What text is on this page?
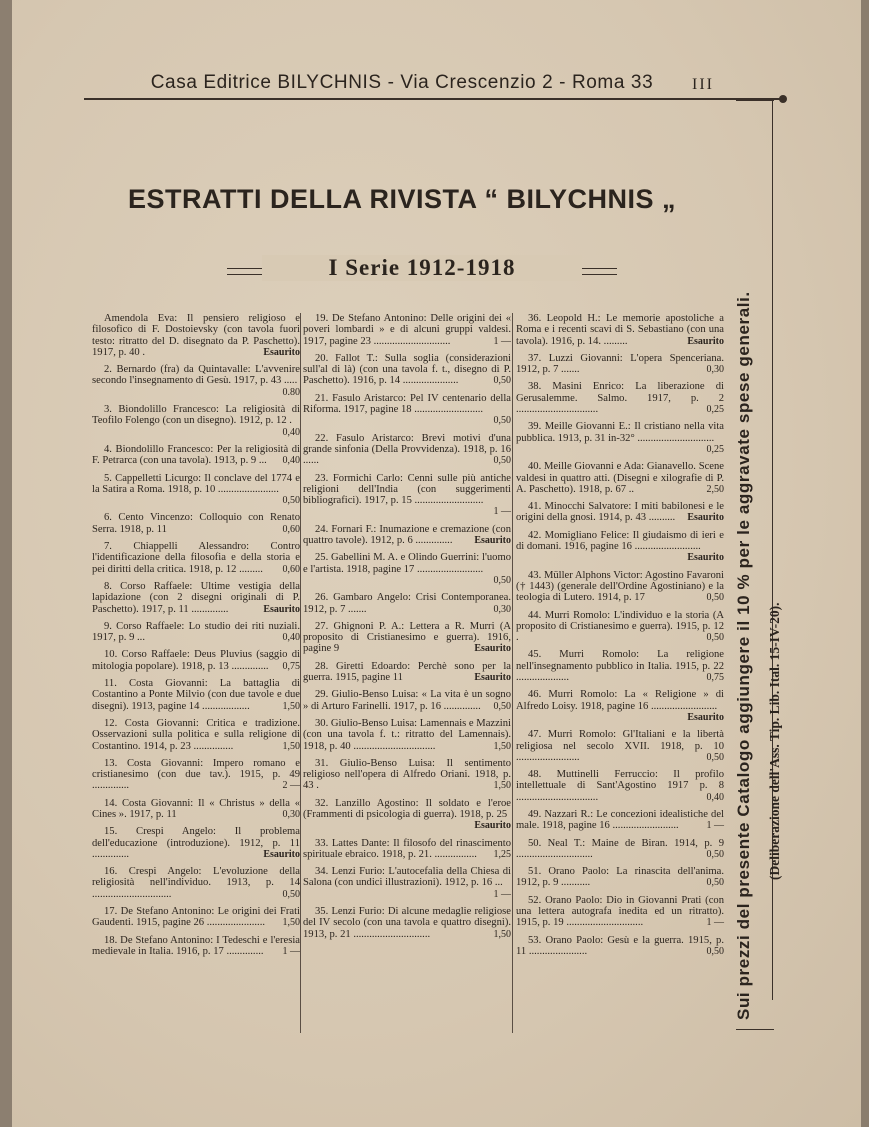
Casa Editrice BILYCHNIS - Via Crescenzio 2 - Roma 33	III
Sui prezzi del presente Catalogo aggiungere il 10 % per le aggravate spese generali. (Deliberazione dell'Ass. Tip. Lib. Ital. 15-IV-20).
ESTRATTI DELLA RIVISTA “ BILYCHNIS „
I Serie 1912-1918
Amendola Eva: Il pensiero religioso e filosofico di F. Dostoievsky (con tavola fuori testo: ritratto del D. disegnato da P. Paschetto). 1917, p. 40 .	Esaurito
2. Bernardo (fra) da Quintavalle: L'avvenire secondo l'insegnamento di Gesù. 1917, p. 43 .....
0.80
3. Biondolillo Francesco: La religiosità di Teofilo Folengo (con un disegno). 1912, p. 12 .
0,40
4. Biondolillo Francesco: Per la religiosità di F. Petrarca (con una tavola). 1913, p. 9 ...	0,40
5. Cappelletti Licurgo: Il conclave del 1774 e la Satira a Roma. 1918, p. 10 .......................
0,50
6. Cento Vincenzo: Colloquio con Renato Serra. 1918, p. 11	0,60
7. Chiappelli Alessandro: Contro l'identificazione della filosofia e della storia e pei diritti della critica. 1918, p. 12 .........	0,60
8. Corso Raffaele: Ultime vestigia della lapidazione (con 2 disegni originali di P. Paschetto). 1917, p. 11 ..............	Esaurito
9. Corso Raffaele: Lo studio dei riti nuziali. 1917, p. 9 ...	0,40
10. Corso Raffaele: Deus Pluvius (saggio di mitologia popolare). 1918, p. 13 ..............	0,75
11. Costa Giovanni: La battaglia di Costantino a Ponte Milvio (con due tavole e due disegni). 1913, pagine 14 ..................	1,50
12. Costa Giovanni: Critica e tradizione. Osservazioni sulla politica e sulla religione di Costantino. 1914, p. 23 ...............	1,50
13. Costa Giovanni: Impero romano e cristianesimo (con due tav.). 1915, p. 49 ..............	2 —
14. Costa Giovanni: Il « Christus » della « Cines ». 1917, p. 11	0,30
15. Crespi Angelo: Il problema dell'educazione (introduzione). 1912, p. 11 ..............	Esaurito
16. Crespi Angelo: L'evoluzione della religiosità nell'individuo. 1913, p. 14 ..............................	0,50
17. De Stefano Antonino: Le origini dei Frati Gaudenti. 1915, pagine 26 ......................	1,50
18. De Stefano Antonino: I Tedeschi e l'eresia medievale in Italia. 1916, p. 17 ..............	1 —
19. De Stefano Antonino: Delle origini dei « poveri lombardi » e di alcuni gruppi valdesi. 1917, pagine 23 .............................	1 —
20. Fallot T.: Sulla soglia (considerazioni sull'al di là) (con una tavola f. t., disegno di P. Paschetto). 1916, p. 14 .....................	0,50
21. Fasulo Aristarco: Pel IV centenario della Riforma. 1917, pagine 18 ..........................
0,50
22. Fasulo Aristarco: Brevi motivi d'una grande sinfonia (Della Provvidenza). 1918, p. 16 ......	0,50
23. Formichi Carlo: Cenni sulle più antiche religioni dell'India (con suggerimenti bibliografici). 1917, p. 15 ..........................
1 —
24. Fornari F.: Inumazione e cremazione (con quattro tavole). 1912, p. 6 ..............	Esaurito
25. Gabellini M. A. e Olindo Guerrini: l'uomo e l'artista. 1918, pagine 17 .........................
0,50
26. Gambaro Angelo: Crisi Contemporanea. 1912, p. 7 .......	0,30
27. Ghignoni P. A.: Lettera a R. Murri (A proposito di Cristianesimo e guerra). 1916, pagine 9	Esaurito
28. Giretti Edoardo: Perchè sono per la guerra. 1915, pagine 11	Esaurito
29. Giulio-Benso Luisa: « La vita è un sogno » di Arturo Farinelli. 1917, p. 16 ..............	0,50
30. Giulio-Benso Luisa: Lamennais e Mazzini (con una tavola f. t.: ritratto del Lamennais). 1918, p. 40 ...............................	1,50
31. Giulio-Benso Luisa: Il sentimento religioso nell'opera di Alfredo Oriani. 1918, p. 43 .	1,50
32. Lanzillo Agostino: Il soldato e l'eroe (Frammenti di psicologia di guerra). 1918, p. 25
Esaurito
33. Lattes Dante: Il filosofo del rinascimento spirituale ebraico. 1918, p. 21. ................	1,25
34. Lenzi Furio: L'autocefalia della Chiesa di Salona (con undici illustrazioni). 1912, p. 16 ...
1 —
35. Lenzi Furio: Di alcune medaglie religiose del IV secolo (con una tavola e quattro disegni). 1913, p. 21 .............................	1,50
36. Leopold H.: Le memorie apostoliche a Roma e i recenti scavi di S. Sebastiano (con una tavola). 1916, p. 14. .........	Esaurito
37. Luzzi Giovanni: L'opera Spenceriana. 1912, p. 7 .......	0,30
38. Masini Enrico: La liberazione di Gerusalemme. Salmo. 1917, p. 2 ...............................	0,25
39. Meille Giovanni E.: Il cristiano nella vita pubblica. 1913, p. 31 in-32° .............................
0,25
40. Meille Giovanni e Ada: Gianavello. Scene valdesi in quattro atti. (Disegni e xilografie di P. A. Paschetto). 1918, p. 67 ..	2,50
41. Minocchi Salvatore: I miti babilonesi e le origini della gnosi. 1914, p. 43 ..........	Esaurito
42. Momigliano Felice: Il giudaismo di ieri e di domani. 1916, pagine 16 .........................
Esaurito
43. Müller Alphons Victor: Agostino Favaroni († 1443) (generale dell'Ordine Agostiniano) e la teologia di Lutero. 1914, p. 17	0,50
44. Murri Romolo: L'individuo e la storia (A proposito di Cristianesimo e guerra). 1915, p. 12 .	0,50
45. Murri Romolo: La religione nell'insegnamento pubblico in Italia. 1915, p. 22 ....................	0,75
46. Murri Romolo: La « Religione » di Alfredo Loisy. 1918, pagine 16 .........................
Esaurito
47. Murri Romolo: Gl'Italiani e la libertà religiosa nel secolo XVII. 1918, p. 10 ........................	0,50
48. Muttinelli Ferruccio: Il profilo intellettuale di Sant'Agostino 1917 p. 8 ...............................	0,40
49. Nazzari R.: Le concezioni idealistiche del male. 1918, pagine 16 .........................	1 —
50. Neal T.: Maine de Biran. 1914, p. 9 .............................	0,50
51. Orano Paolo: La rinascita dell'anima. 1912, p. 9 ...........	0,50
52. Orano Paolo: Dio in Giovanni Prati (con una lettera autografa inedita ed un ritratto). 1915, p. 19 .............................	1 —
53. Orano Paolo: Gesù e la guerra. 1915, p. 11 ......................	0,50
